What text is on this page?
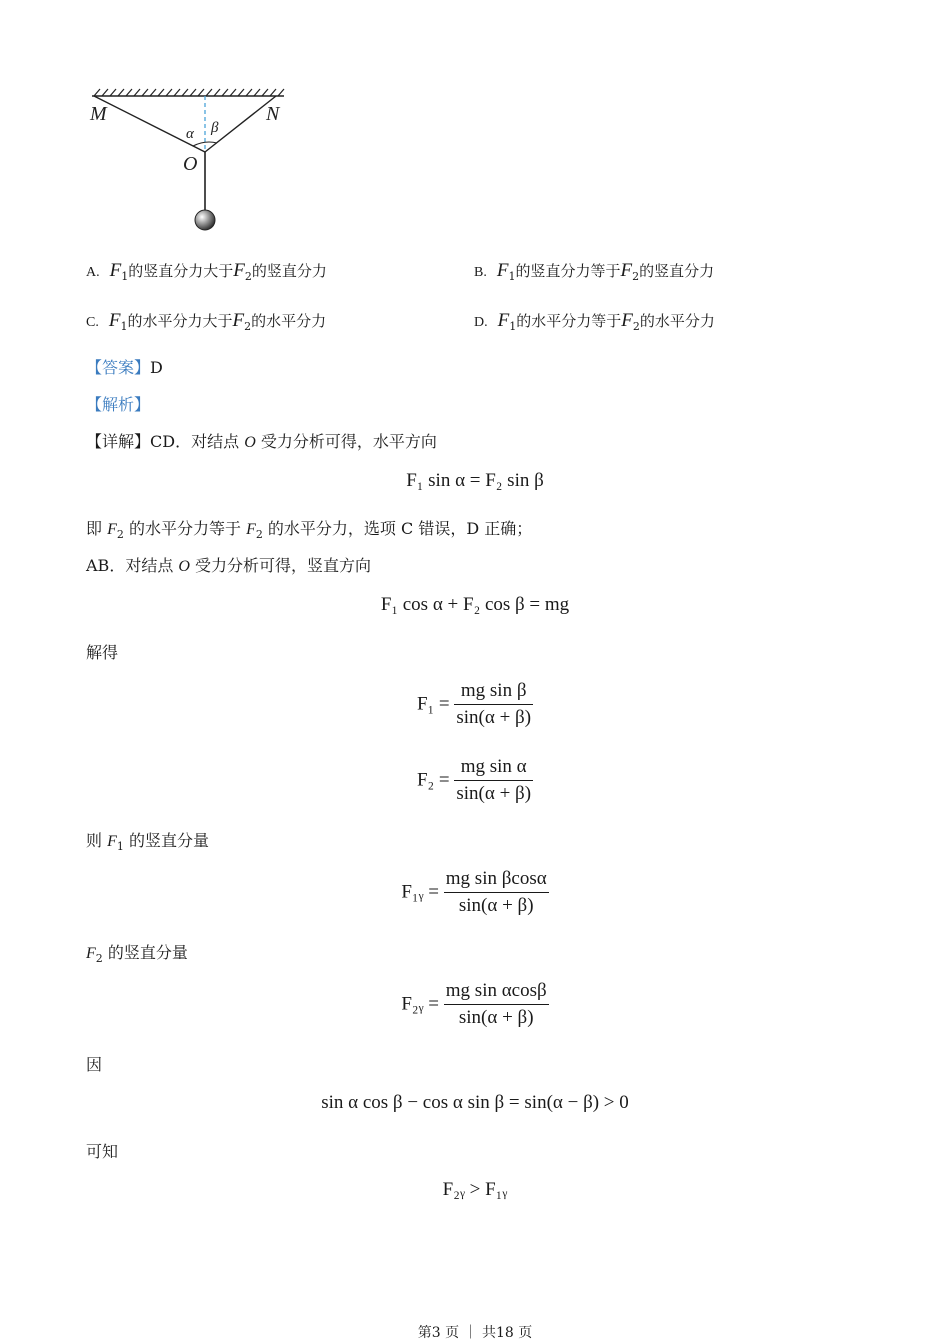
M	N
O
α β
A. $F_1$的竖直分力大于$F_2$的竖直分力	B. $F_1$的竖直分力等于$F_2$的竖直分力
C. $F_1$的水平分力大于$F_2$的水平分力	D. $F_1$的水平分力等于$F_2$的水平分力
【答案】D
【解析】
【详解】CD．对结点 O 受力分析可得，水平方向
F₁ sin α = F₂ sin β
即 $F_2$ 的水平分力等于 $F_2$ 的水平分力，选项 C 错误，D 正确；
AB．对结点 O 受力分析可得，竖直方向
F₁ cos α + F₂ cos β = mg
解得
$F_1 = \frac{\text{mg sin β}}{\sin(\alpha + \beta)}$
$F_2 = \frac{\text{mg sin α}}{\sin(\alpha + \beta)}$
则 $F_1$ 的竖直分量
F₁ᵧ = $\frac{\text{mg sin βcosα}}{\sin(\alpha + \beta)}$
$F_2$ 的竖直分量
F₂ᵧ = $\frac{\text{mg sin αcosβ}}{\sin(\alpha + \beta)}$
因
sin α cos β − cos α sin β = sin(α − β) > 0
可知
F₂ᵧ > F₁ᵧ
第3 页 ｜ 共18 页
